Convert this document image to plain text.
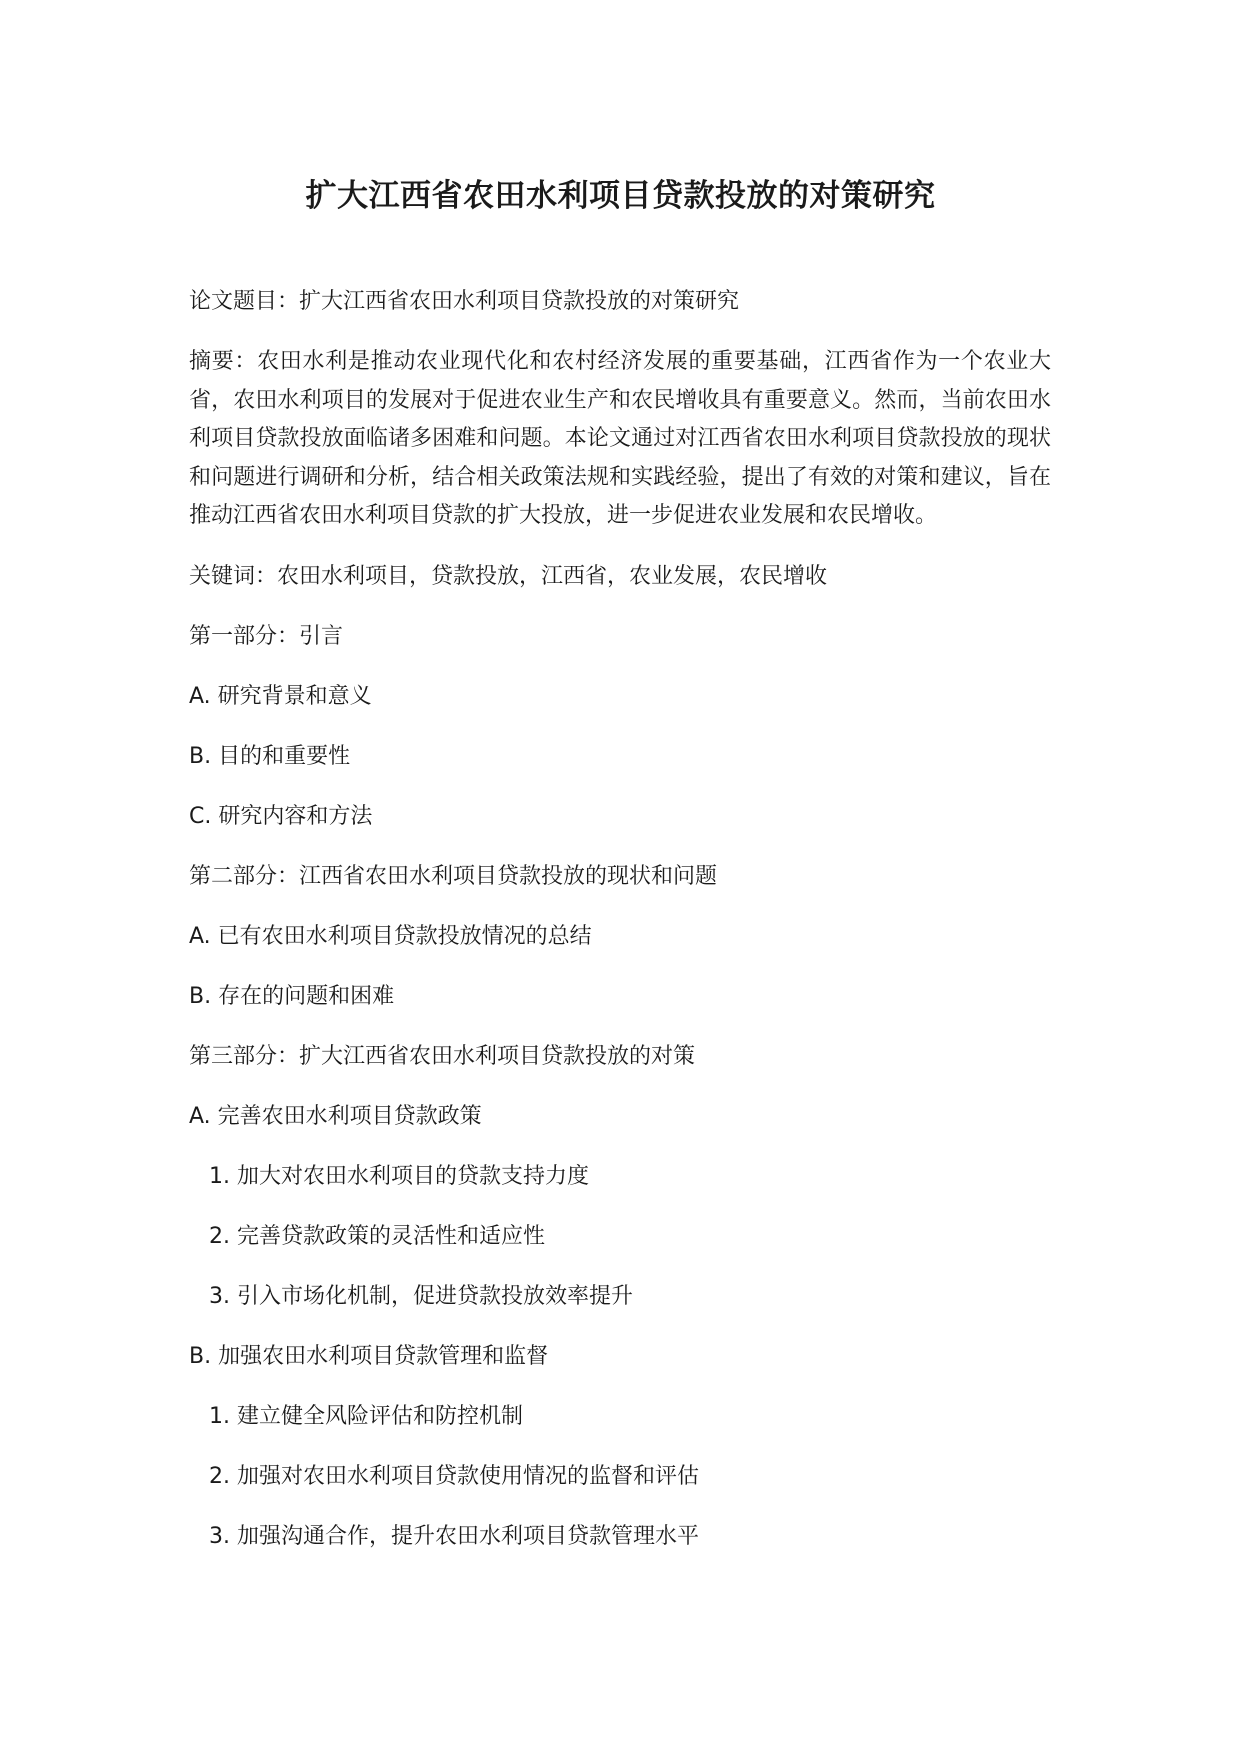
扩大江西省农田水利项目贷款投放的对策研究

论文题目：扩大江西省农田水利项目贷款投放的对策研究

摘要：农田水利是推动农业现代化和农村经济发展的重要基础，江西省作为一个农业大省，农田水利项目的发展对于促进农业生产和农民增收具有重要意义。然而，当前农田水利项目贷款投放面临诸多困难和问题。本论文通过对江西省农田水利项目贷款投放的现状和问题进行调研和分析，结合相关政策法规和实践经验，提出了有效的对策和建议，旨在推动江西省农田水利项目贷款的扩大投放，进一步促进农业发展和农民增收。

关键词：农田水利项目，贷款投放，江西省，农业发展，农民增收

第一部分：引言

A. 研究背景和意义

B. 目的和重要性

C. 研究内容和方法

第二部分：江西省农田水利项目贷款投放的现状和问题

A. 已有农田水利项目贷款投放情况的总结

B. 存在的问题和困难

第三部分：扩大江西省农田水利项目贷款投放的对策

A. 完善农田水利项目贷款政策

1. 加大对农田水利项目的贷款支持力度

2. 完善贷款政策的灵活性和适应性

3. 引入市场化机制，促进贷款投放效率提升

B. 加强农田水利项目贷款管理和监督

1. 建立健全风险评估和防控机制

2. 加强对农田水利项目贷款使用情况的监督和评估

3. 加强沟通合作，提升农田水利项目贷款管理水平
